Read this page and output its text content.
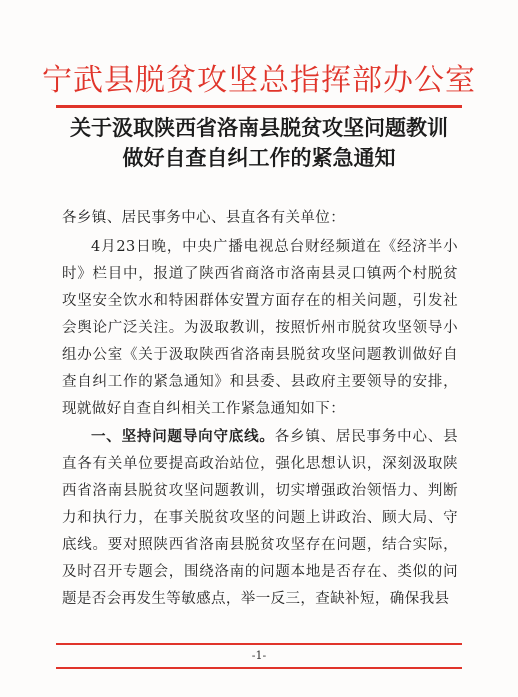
宁武县脱贫攻坚总指挥部办公室
关于汲取陕西省洛南县脱贫攻坚问题教训
做好自查自纠工作的紧急通知
各乡镇、居民事务中心、县直各有关单位：

4月23日晚，中央广播电视总台财经频道在《经济半小时》栏目中，报道了陕西省商洛市洛南县灵口镇两个村脱贫攻坚安全饮水和特困群体安置方面存在的相关问题，引发社会舆论广泛关注。为汲取教训，按照忻州市脱贫攻坚领导小组办公室《关于汲取陕西省洛南县脱贫攻坚问题教训做好自查自纠工作的紧急通知》和县委、县政府主要领导的安排，现就做好自查自纠相关工作紧急通知如下：

一、坚持问题导向守底线。各乡镇、居民事务中心、县直各有关单位要提高政治站位，强化思想认识，深刻汲取陕西省洛南县脱贫攻坚问题教训，切实增强政治领悟力、判断力和执行力，在事关脱贫攻坚的问题上讲政治、顾大局、守底线。要对照陕西省洛南县脱贫攻坚存在问题，结合实际，及时召开专题会，围绕洛南的问题本地是否存在、类似的问题是否会再发生等敏感点，举一反三，查缺补短，确保我县

-1-
